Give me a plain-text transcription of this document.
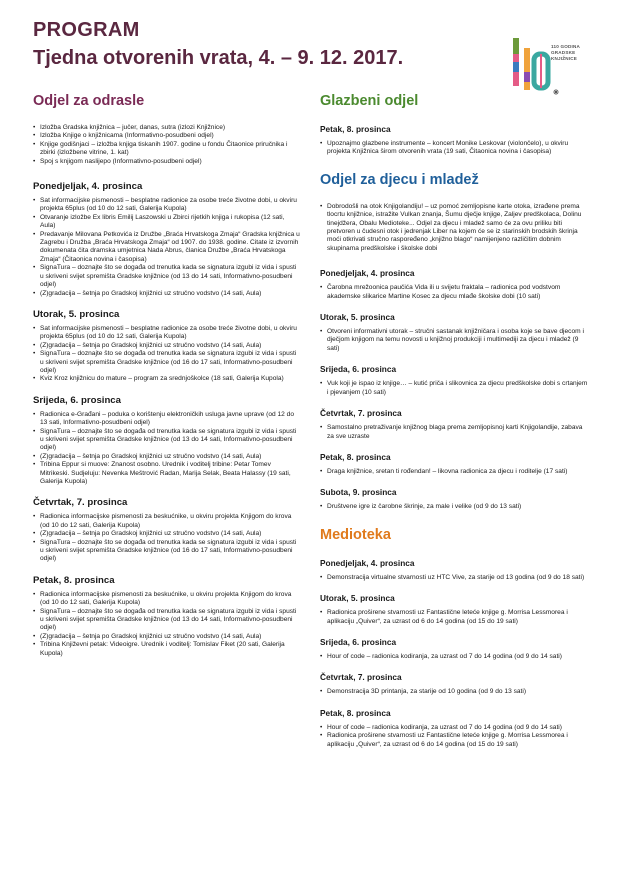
PROGRAM
Tjedna otvorenih vrata, 4. – 9. 12. 2017.
110 GODINA
GRADSKE
KNJIŽNICE
Odjel za odrasle
• Izložba Gradska knjižnica – jučer, danas, sutra (izlozi Knjižnice)
• Izložba Knjige o knjižnicama (Informativno-posudbeni odjel)
• Knjige godišnjaci – izložba knjiga tiskanih 1907. godine u fondu Čitaonice priručnika i zbirki (izložbene vitrine, 1. kat)
• Spoj s knjigom naslijepo (Informativno-posudbeni odjel)
Ponedjeljak, 4. prosinca
• Sat informacijske pismenosti – besplatne radionice za osobe treće životne dobi, u okviru projekta 65plus (od 10 do 12 sati, Galerija Kupola)
• Otvaranje izložbe Ex libris Emilij Laszowski u Zbirci rijetkih knjiga i rukopisa (12 sati, Aula)
• Predavanje Milovana Petkovića iz Družbe „Braća Hrvatskoga Zmaja“ Gradska knjižnica u Zagrebu i Družba „Braća Hrvatskoga Zmaja“ od 1907. do 1938. godine. Citate iz izvornih dokumenata čita dramska umjetnica Nada Abrus, članica Družbe „Braća Hrvatskoga Zmaja“ (Čitaonica novina i časopisa)
• SignaTura – doznajte što se događa od trenutka kada se signatura izgubi iz vida i spusti u skriveni svijet spremišta Gradske knjižnice (od 13 do 14 sati, Informativno-posudbeni odjel)
• (Z)gradacija – šetnja po Gradskoj knjižnici uz stručno vodstvo (14 sati, Aula)
Utorak, 5. prosinca
• Sat informacijske pismenosti – besplatne radionice za osobe treće životne dobi, u okviru projekta 65plus (od 10 do 12 sati, Galerija Kupola)
• (Z)gradacija – šetnja po Gradskoj knjižnici uz stručno vodstvo (14 sati, Aula)
• SignaTura – doznajte što se događa od trenutka kada se signatura izgubi iz vida i spusti u skriveni svijet spremišta Gradske knjižnice (od 16 do 17 sati, Informativno-posudbeni odjel)
• Kviz Kroz knjižnicu do mature – program za srednjoškolce (18 sati, Galerija Kupola)
Srijeda, 6. prosinca
• Radionica e-Građani – poduka o korištenju elektroničkih usluga javne uprave (od 12 do 13 sati, Informativno-posudbeni odjel)
• SignaTura – doznajte što se događa od trenutka kada se signatura izgubi iz vida i spusti u skriveni svijet spremišta Gradske knjižnice (od 13 do 14 sati, Informativno-posudbeni odjel)
• (Z)gradacija – šetnja po Gradskoj knjižnici uz stručno vodstvo (14 sati, Aula)
• Tribina Eppur si muove: Znanost osobno. Urednik i voditelj tribine: Petar Tomev Mitrikeski. Sudjeluju: Nevenka Meštrović Radan, Marija Selak, Beata Halassy (19 sati, Galerija Kupola)
Četvrtak, 7. prosinca
• Radionica informacijske pismenosti za beskućnike, u okviru projekta Knjigom do krova (od 10 do 12 sati, Galerija Kupola)
• (Z)gradacija – šetnja po Gradskoj knjižnici uz stručno vodstvo (14 sati, Aula)
• SignaTura – doznajte što se događa od trenutka kada se signatura izgubi iz vida i spusti u skriveni svijet spremišta Gradske knjižnice (od 16 do 17 sati, Informativno-posudbeni odjel)
Petak, 8. prosinca
• Radionica informacijske pismenosti za beskućnike, u okviru projekta Knjigom do krova (od 10 do 12 sati, Galerija Kupola)
• SignaTura – doznajte što se događa od trenutka kada se signatura izgubi iz vida i spusti u skriveni svijet spremišta Gradske knjižnice (od 13 do 14 sati, Informativno-posudbeni odjel)
• (Z)gradacija – šetnja po Gradskoj knjižnici uz stručno vodstvo (14 sati, Aula)
• Tribina Književni petak: Videoigre. Urednik i voditelj: Tomislav Fiket (20 sati, Galerija Kupola)
Glazbeni odjel
Petak, 8. prosinca
• Upoznajmo glazbene instrumente – koncert Monike Leskovar (violončelo), u okviru projekta Knjižnica širom otvorenih vrata (19 sati, Čitaonica novina i časopisa)
Odjel za djecu i mladež
• Dobrodošli na otok Knjigolandiju! – uz pomoć zemljopisne karte otoka, izrađene prema tlocrtu knjižnice, istražite Vulkan znanja, Šumu dječje knjige, Zaljev predškolaca, Dolinu tinejdžera, Obalu Medioteke... Odjel za djecu i mladež samo će za ovu priliku biti pretvoren u čudesni otok i jedrenjak Liber na kojem će se iz starinskih brodskih škrinja moći otkrivati stručno raspoređeno „knjižno blago“ namijenjeno različitim dobnim skupinama predškolske i školske dobi
Ponedjeljak, 4. prosinca
• Čarobna mrežoonica paučića Vida ili u svijetu fraktala – radionica pod vodstvom akademske slikarice Martine Kosec za djecu mlađe školske dobi (10 sati)
Utorak, 5. prosinca
• Otvoreni informativni utorak – stručni sastanak knjižničara i osoba koje se bave djecom i dječjom knjigom na temu novosti u knjižnoj produkciji i multimediji za djecu i mladež (9 sati)
Srijeda, 6. prosinca
• Vuk koji je ispao iz knjige… – kutić priča i slikovnica za djecu predškolske dobi s crtanjem i pjevanjem (10 sati)
Četvrtak, 7. prosinca
• Samostalno pretraživanje knjižnog blaga prema zemljopisnoj karti Knjigolandije, zabava za sve uzraste
Petak, 8. prosinca
• Draga knjižnice, sretan ti rođendan! – likovna radionica za djecu i roditelje (17 sati)
Subota, 9. prosinca
• Društvene igre iz čarobne škrinje, za male i velike (od 9 do 13 sati)
Medioteka
Ponedjeljak, 4. prosinca
• Demonstracija virtualne stvarnosti uz HTC Vive, za starije od 13 godina (od 9 do 18 sati)
Utorak, 5. prosinca
• Radionica proširene stvarnosti uz Fantastične leteće knjige g. Morrisa Lessmorea i aplikaciju „Quiver“, za uzrast od 6 do 14 godina (od 15 do 19 sati)
Srijeda, 6. prosinca
• Hour of code – radionica kodiranja, za uzrast od 7 do 14 godina (od 9 do 14 sati)
Četvrtak, 7. prosinca
• Demonstracija 3D printanja, za starije od 10 godina (od 9 do 13 sati)
Petak, 8. prosinca
• Hour of code – radionica kodiranja, za uzrast od 7 do 14 godina (od 9 do 14 sati)
• Radionica proširene stvarnosti uz Fantastične leteće knjige g. Morrisa Lessmorea i aplikaciju „Quiver“, za uzrast od 6 do 14 godina (od 15 do 19 sati)
